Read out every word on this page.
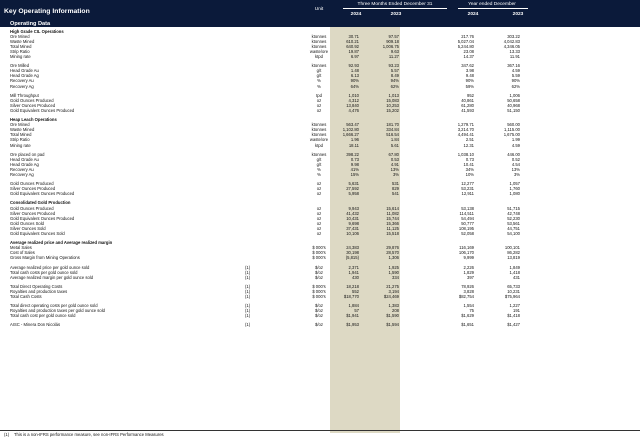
Key Operating Information	Unit
Three Months Ended December 31	Year ended December
2024	2023	2024	2023
Operating Data
High Grade CIL Operations
Ore Mined	ktonnes	30.71	97.57	217.76	303.22
Waste Mined	ktonnes	610.21	909.18	5,027.04	4,042.83
Total Mined	ktonnes	640.92	1,006.75	5,244.80	4,346.05
Strip Ratio	waste/ore	19.87	9.63	23.08	13.33
Mining rate	ktpd	6.97	11.27	14.37	11.91
Ore Milled	ktonnes	92.93	93.23	347.62	367.16
Head Grade Au	g/t	1.48	5.57	3.98	4.59
Head Grade Ag	g/t	6.13	8.49	9.48	5.59
Recovery Au	%	90%	94%	90%	90%
Recovery Ag	%	64%	62%	59%	62%
Mill Throughput	tpd	1,010	1,013	952	1,006
Gold Ounces Produced	oz	4,312	15,083	40,861	50,658
Silver Ounces Produced	oz	13,840	10,253	61,280	40,968
Gold Equivalent Ounces Produced	oz	4,476	15,202	41,593	51,150
Heap Leach Operations
Ore Mined	ktonnes	563.47	181.70	1,279.71	560.00
Waste Mined	ktonnes	1,102.80	334.84	3,214.70	1,115.00
Total Mined	ktonnes	1,666.27	516.54	4,494.41	1,675.00
Strip Ratio	waste/ore	1.96	1.84	2.51	1.99
Mining rate	ktpd	18.11	5.61	12.31	4.59
Ore placed on pad	ktonnes	398.22	67.80	1,038.10	446.00
Head Grade Au	g/t	0.73	0.53	0.73	0.52
Head Grade Ag	g/t	9.98	4.91	10.41	4.54
Recovery Au	%	41%	13%	34%	13%
Recovery Ag	%	15%	3%	10%	3%
Gold Ounces Produced	oz	5,631	531	12,277	1,057
Silver Ounces Produced	oz	27,592	829	53,231	1,760
Gold Equivalent Ounces Produced	oz	5,958	541	12,911	1,080
Consolidated Gold Production
Gold Ounces Produced	oz	9,943	15,614	53,138	51,715
Silver Ounces Produced	oz	41,432	11,082	114,511	42,748
Gold Equivalent Ounces Produced	oz	10,431	15,744	54,494	52,230
Gold Ounces Sold	oz	9,698	15,366	50,777	53,561
Silver Ounces Sold	oz	37,431	11,125	108,195	44,751
Gold Equivalent Ounces Sold	oz	10,106	15,518	52,058	54,100
Average realized price and Average realized margin
Metal Sales	$ 000's	24,383	29,876	116,169	100,101
Cost of Sales	$ 000's	30,198	28,570	106,170	86,282
Gross Margin from Mining Operations	$ 000's	(5,815)	1,306	9,999	13,819
Average realized price per gold ounce sold	(1)	$/oz	2,371	1,925	2,226	1,849
Total cash costs per gold ounce sold	(1)	$/oz	1,941	1,590	1,829	1,418
Average realized margin per gold ounce sold	(1)	$/oz	430	334	397	431
Total Direct Operating Costs	(1)	$ 000's	18,218	21,275	78,926	65,733
Royalties and production taxes	(1)	$ 000's	552	3,194	3,828	10,231
Total Cash Costs	(1)	$ 000's	$18,770	$24,469	$82,754	$75,964
Total direct operating costs per gold ounce sold	(1)	$/oz	1,884	1,383	1,554	1,227
Royalties and production taxes per gold ounce sold	(1)	$/oz	57	208	75	191
Total cash cost per gold ounce sold	(1)	$/oz	$1,941	$1,590	$1,629	$1,418
AISC - Minera Don Nicolás	(1)	$/oz	$1,953	$1,594	$1,651	$1,427
(1) This is a non-IFRS performance measure, see non-IFRS Performance Measures
